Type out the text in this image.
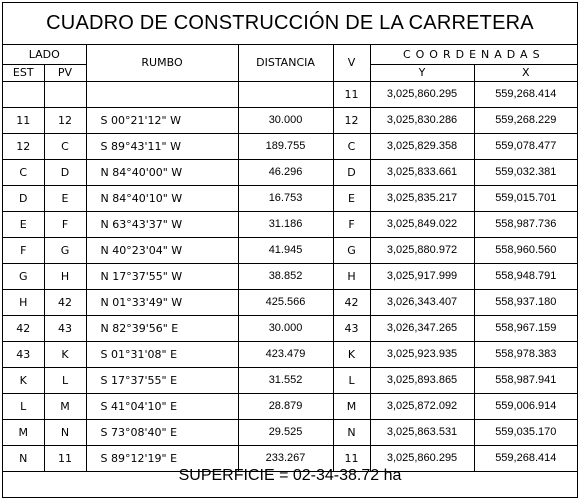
CUADRO DE CONSTRUCCIÓN DE LA CARRETERA
LADO		RUMBO	DISTANCIA	V	COORDENADAS	
EST	PV				Y	X
				11	3,025,860.295	559,268.414
11	12	S 00°21'12" W	30.000	12	3,025,830.286	559,268.229
12	C	S 89°43'11" W	189.755	C	3,025,829.358	559,078.477
C	D	N 84°40'00" W	46.296	D	3,025,833.661	559,032.381
D	E	N 84°40'10" W	16.753	E	3,025,835.217	559,015.701
E	F	N 63°43'37" W	31.186	F	3,025,849.022	558,987.736
F	G	N 40°23'04" W	41.945	G	3,025,880.972	558,960.560
G	H	N 17°37'55" W	38.852	H	3,025,917.999	558,948.791
H	42	N 01°33'49" W	425.566	42	3,026,343.407	558,937.180
42	43	N 82°39'56" E	30.000	43	3,026,347.265	558,967.159
43	K	S 01°31'08" E	423.479	K	3,025,923.935	558,978.383
K	L	S 17°37'55" E	31.552	L	3,025,893.865	558,987.941
L	M	S 41°04'10" E	28.879	M	3,025,872.092	559,006.914
M	N	S 73°08'40" E	29.525	N	3,025,863.531	559,035.170
N	11	S 89°12'19" E	233.267	11	3,025,860.295	559,268.414
SUPERFICIE = 02-34-38.72 ha
